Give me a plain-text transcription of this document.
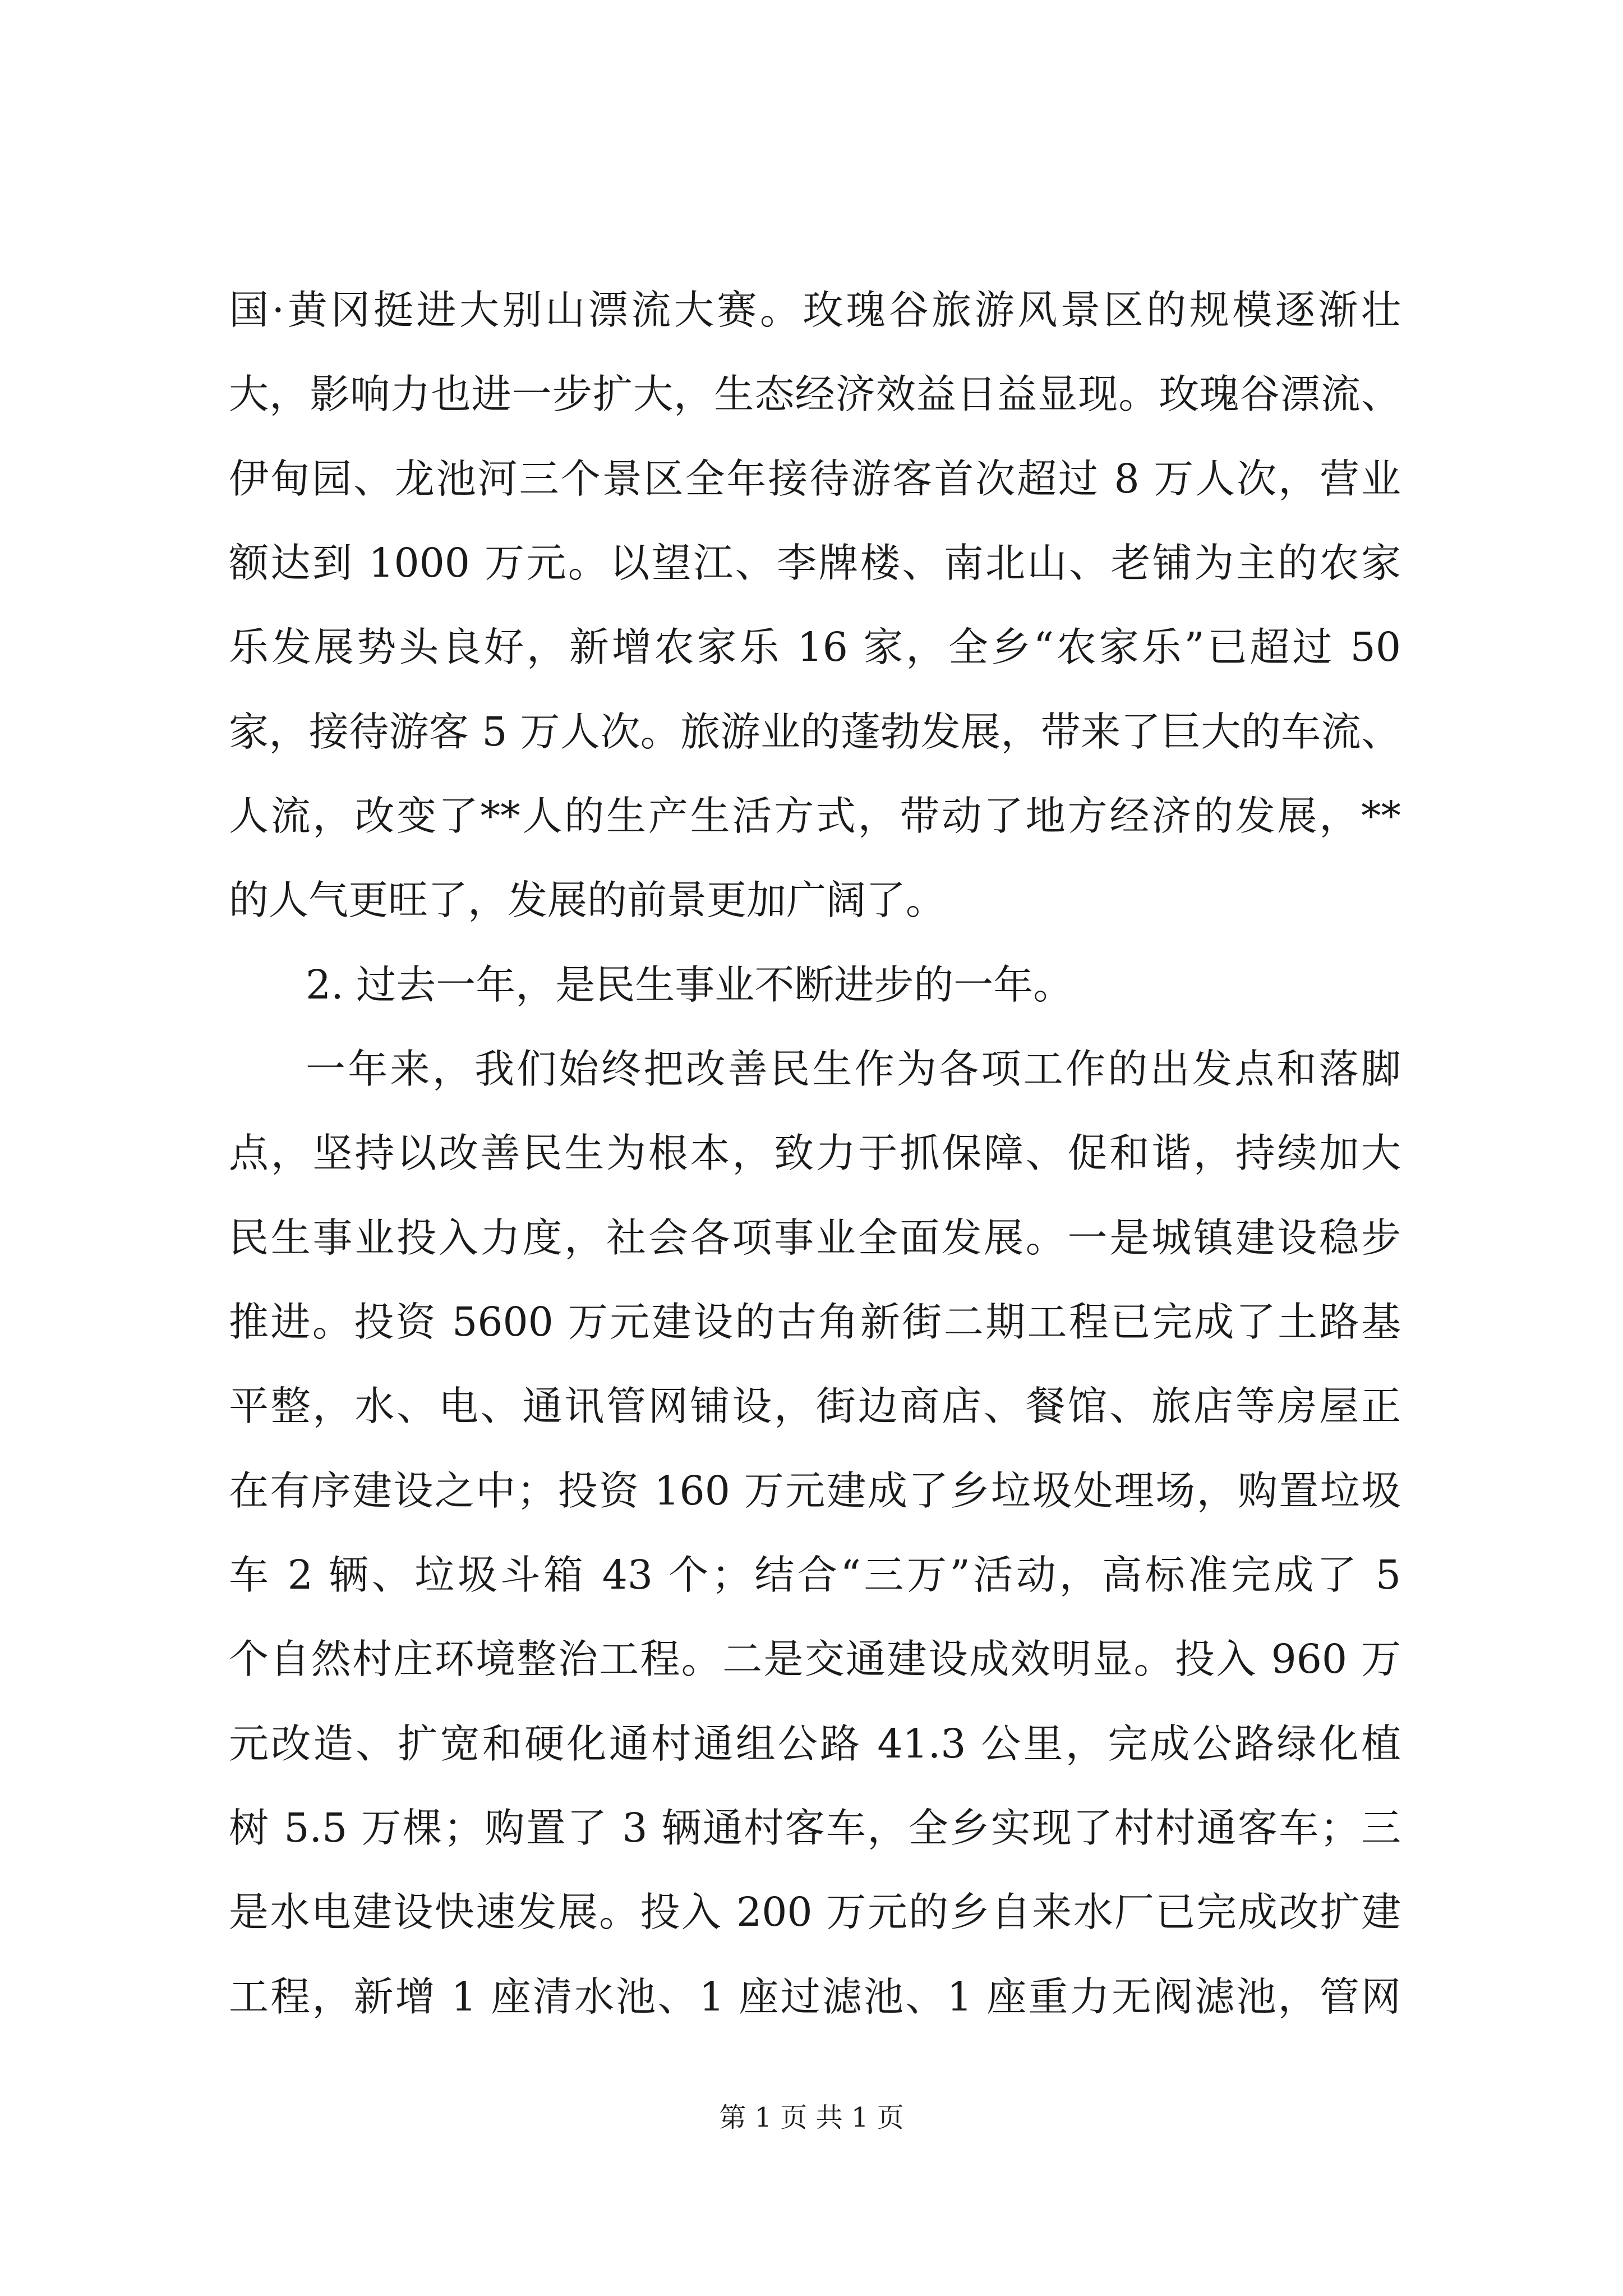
国·黄冈挺进大别山漂流大赛。玫瑰谷旅游风景区的规模逐渐壮
大，影响力也进一步扩大，生态经济效益日益显现。玫瑰谷漂流、
伊甸园、龙池河三个景区全年接待游客首次超过 8 万人次，营业
额达到 1000 万元。以望江、李牌楼、南北山、老铺为主的农家
乐发展势头良好，新增农家乐 16 家，全乡“农家乐”已超过 50
家，接待游客 5 万人次。旅游业的蓬勃发展，带来了巨大的车流、
人流，改变了**人的生产生活方式，带动了地方经济的发展，**
的人气更旺了，发展的前景更加广阔了。
2. 过去一年，是民生事业不断进步的一年。
一年来，我们始终把改善民生作为各项工作的出发点和落脚
点，坚持以改善民生为根本，致力于抓保障、促和谐，持续加大
民生事业投入力度，社会各项事业全面发展。一是城镇建设稳步
推进。投资 5600 万元建设的古角新街二期工程已完成了土路基
平整，水、电、通讯管网铺设，街边商店、餐馆、旅店等房屋正
在有序建设之中；投资 160 万元建成了乡垃圾处理场，购置垃圾
车 2 辆、垃圾斗箱 43 个；结合“三万”活动，高标准完成了 5
个自然村庄环境整治工程。二是交通建设成效明显。投入 960 万
元改造、扩宽和硬化通村通组公路 41.3 公里，完成公路绿化植
树 5.5 万棵；购置了 3 辆通村客车，全乡实现了村村通客车；三
是水电建设快速发展。投入 200 万元的乡自来水厂已完成改扩建
工程，新增 1 座清水池、1 座过滤池、1 座重力无阀滤池，管网
第 1 页 共 1 页
